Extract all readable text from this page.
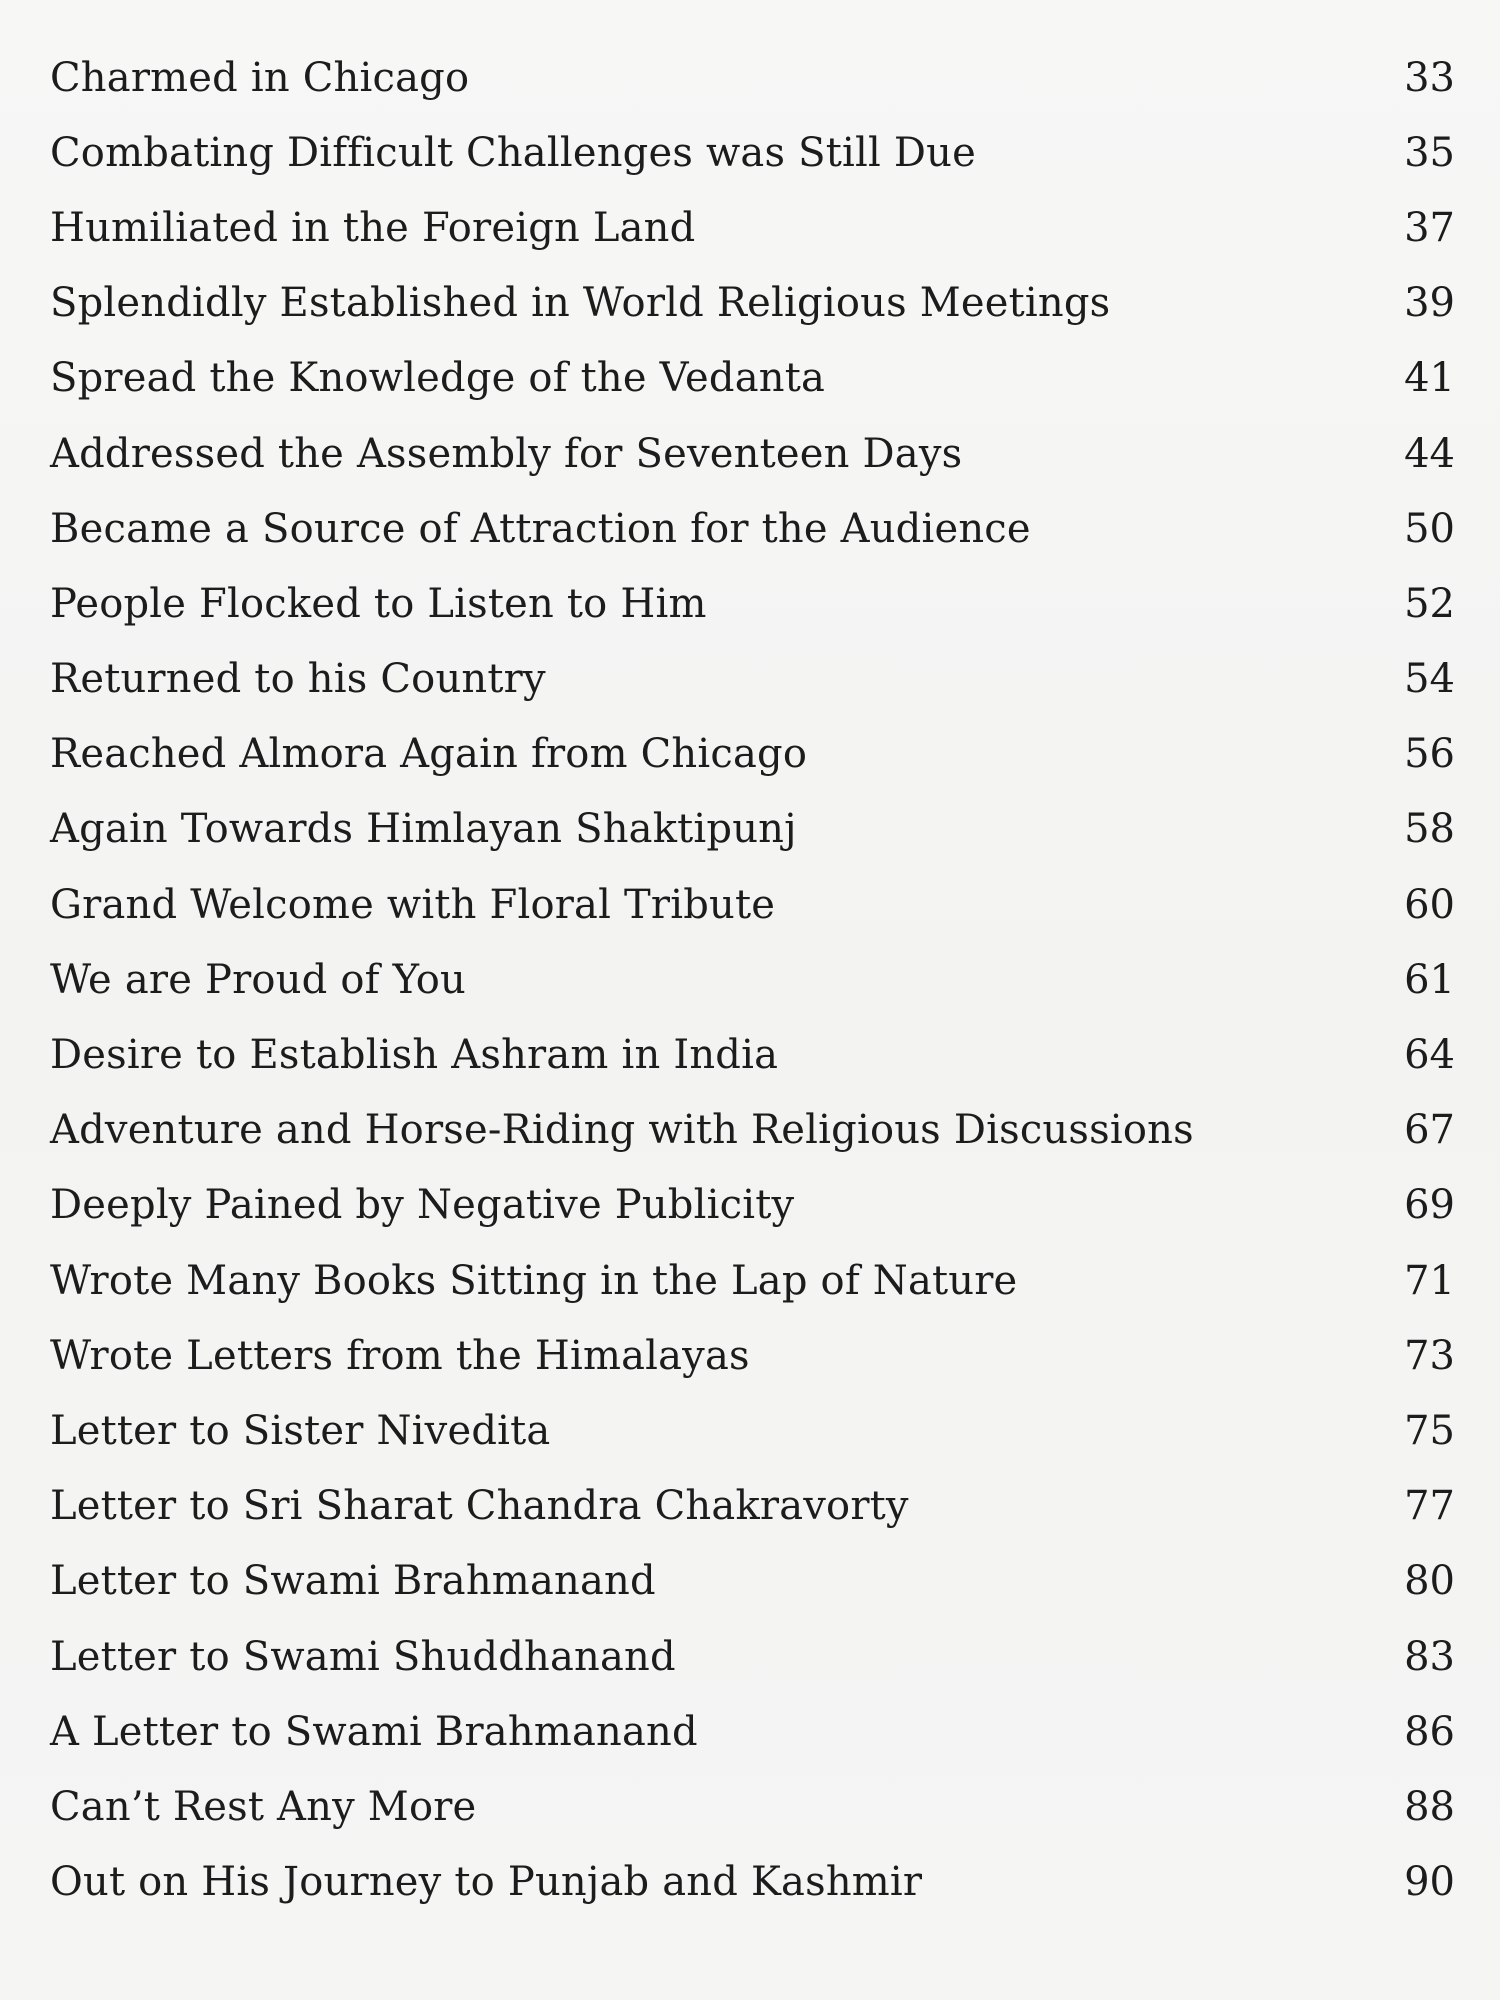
Charmed in Chicago	33
Combating Difficult Challenges was Still Due	35
Humiliated in the Foreign Land	37
Splendidly Established in World Religious Meetings	39
Spread the Knowledge of the Vedanta	41
Addressed the Assembly for Seventeen Days	44
Became a Source of Attraction for the Audience	50
People Flocked to Listen to Him	52
Returned to his Country	54
Reached Almora Again from Chicago	56
Again Towards Himlayan Shaktipunj	58
Grand Welcome with Floral Tribute	60
We are Proud of You	61
Desire to Establish Ashram in India	64
Adventure and Horse-Riding with Religious Discussions	67
Deeply Pained by Negative Publicity	69
Wrote Many Books Sitting in the Lap of Nature	71
Wrote Letters from the Himalayas	73
Letter to Sister Nivedita	75
Letter to Sri Sharat Chandra Chakravorty	77
Letter to Swami Brahmanand	80
Letter to Swami Shuddhanand	83
A Letter to Swami Brahmanand	86
Can’t Rest Any More	88
Out on His Journey to Punjab and Kashmir	90
